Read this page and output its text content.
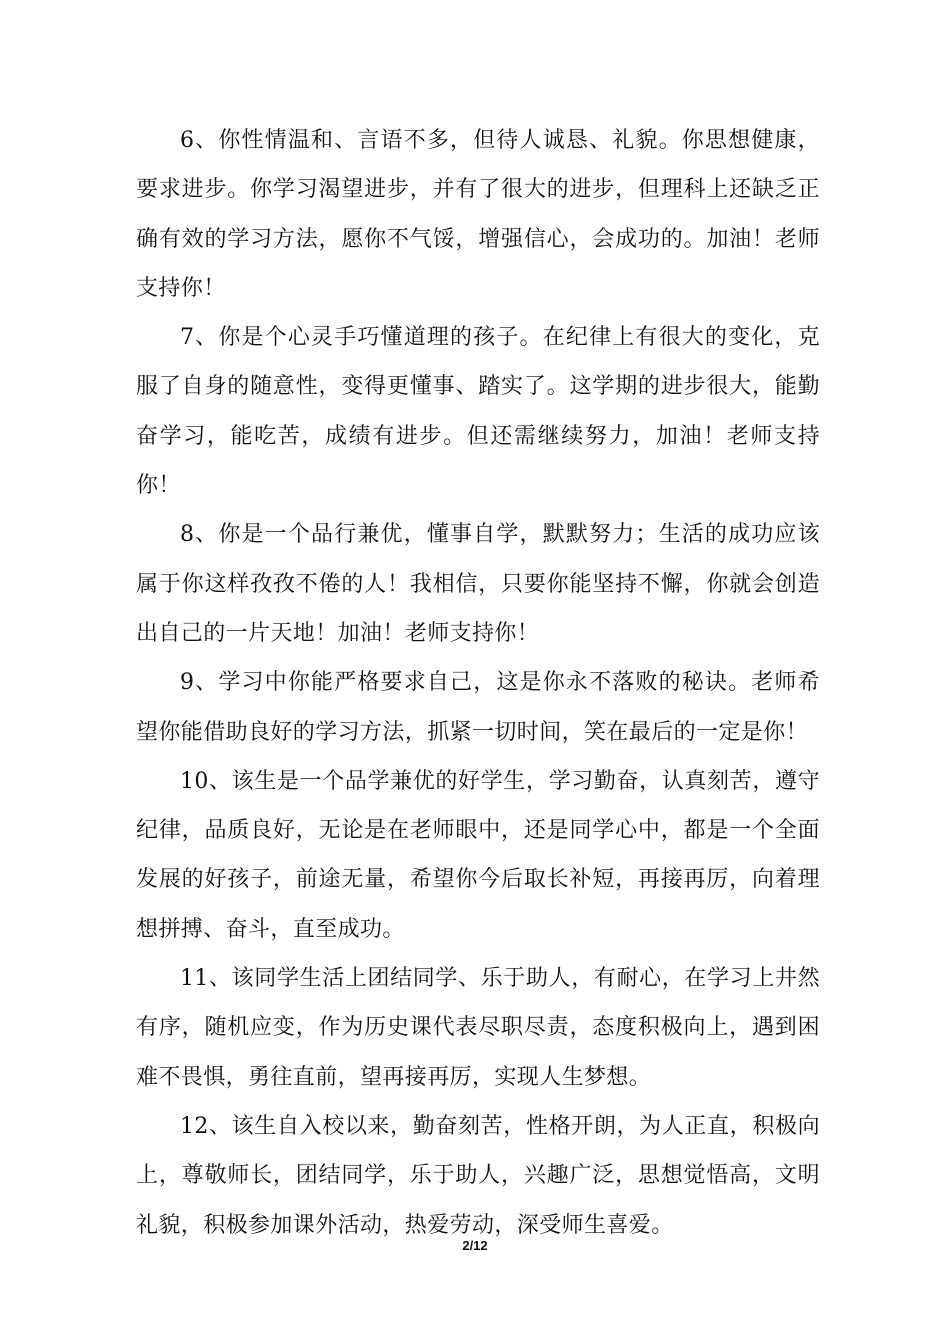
6、你性情温和、言语不多，但待人诚恳、礼貌。你思想健康，要求进步。你学习渴望进步，并有了很大的进步，但理科上还缺乏正确有效的学习方法，愿你不气馁，增强信心，会成功的。加油！老师支持你！

7、你是个心灵手巧懂道理的孩子。在纪律上有很大的变化，克服了自身的随意性，变得更懂事、踏实了。这学期的进步很大，能勤奋学习，能吃苦，成绩有进步。但还需继续努力，加油！老师支持你！

8、你是一个品行兼优，懂事自学，默默努力；生活的成功应该属于你这样孜孜不倦的人！我相信，只要你能坚持不懈，你就会创造出自己的一片天地！加油！老师支持你！

9、学习中你能严格要求自己，这是你永不落败的秘诀。老师希望你能借助良好的学习方法，抓紧一切时间，笑在最后的一定是你！

10、该生是一个品学兼优的好学生，学习勤奋，认真刻苦，遵守纪律，品质良好，无论是在老师眼中，还是同学心中，都是一个全面发展的好孩子，前途无量，希望你今后取长补短，再接再厉，向着理想拼搏、奋斗，直至成功。

11、该同学生活上团结同学、乐于助人，有耐心，在学习上井然有序，随机应变，作为历史课代表尽职尽责，态度积极向上，遇到困难不畏惧，勇往直前，望再接再厉，实现人生梦想。

12、该生自入校以来，勤奋刻苦，性格开朗，为人正直，积极向上，尊敬师长，团结同学，乐于助人，兴趣广泛，思想觉悟高，文明礼貌，积极参加课外活动，热爱劳动，深受师生喜爱。

2/12
